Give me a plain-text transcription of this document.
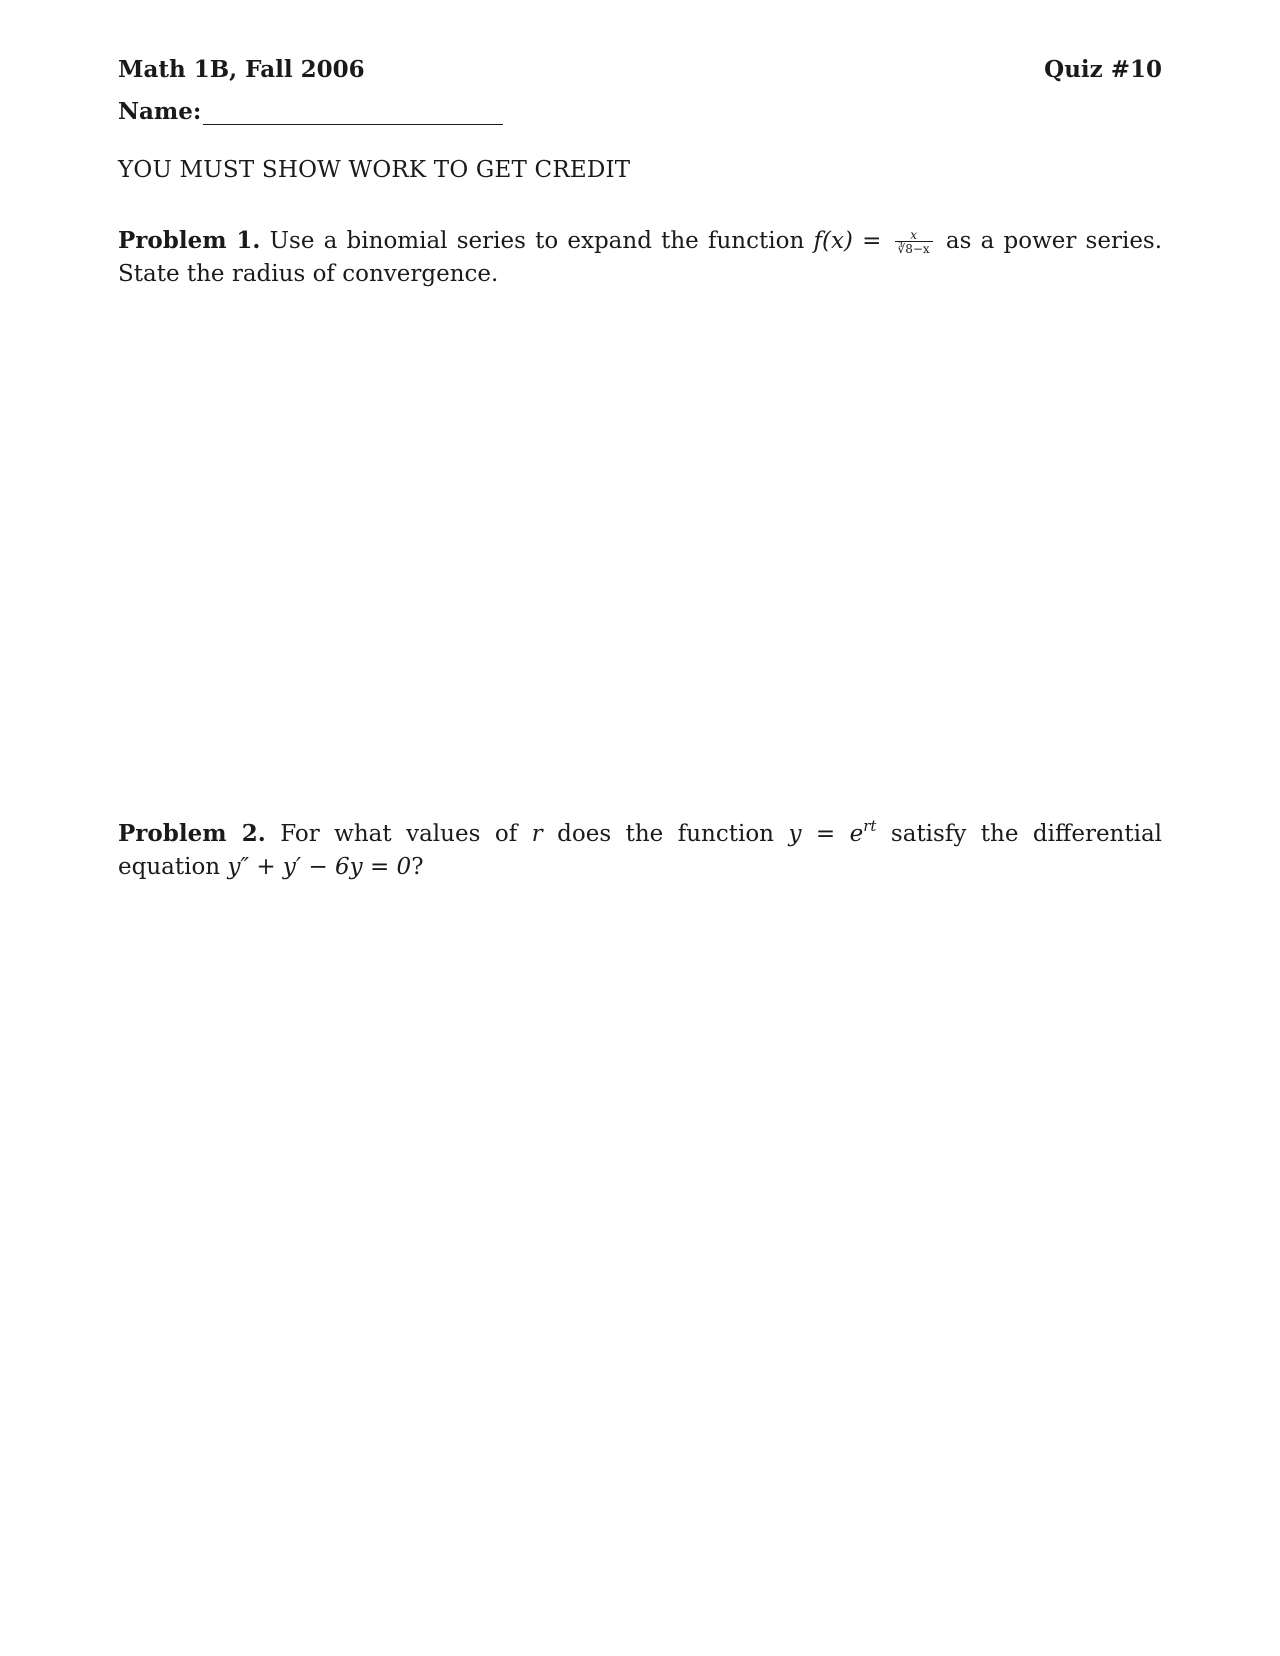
Math 1B, Fall 2006	Quiz #10
Name:
YOU MUST SHOW WORK TO GET CREDIT
Problem 1. Use a binomial series to expand the function $f(x) = \frac{x}{∛8-x}$ as a power series. State the radius of convergence.
Problem 2. For what values of r does the function $y = e^{rt}$ satisfy the differential equation y″ + y′ − 6y = 0?
